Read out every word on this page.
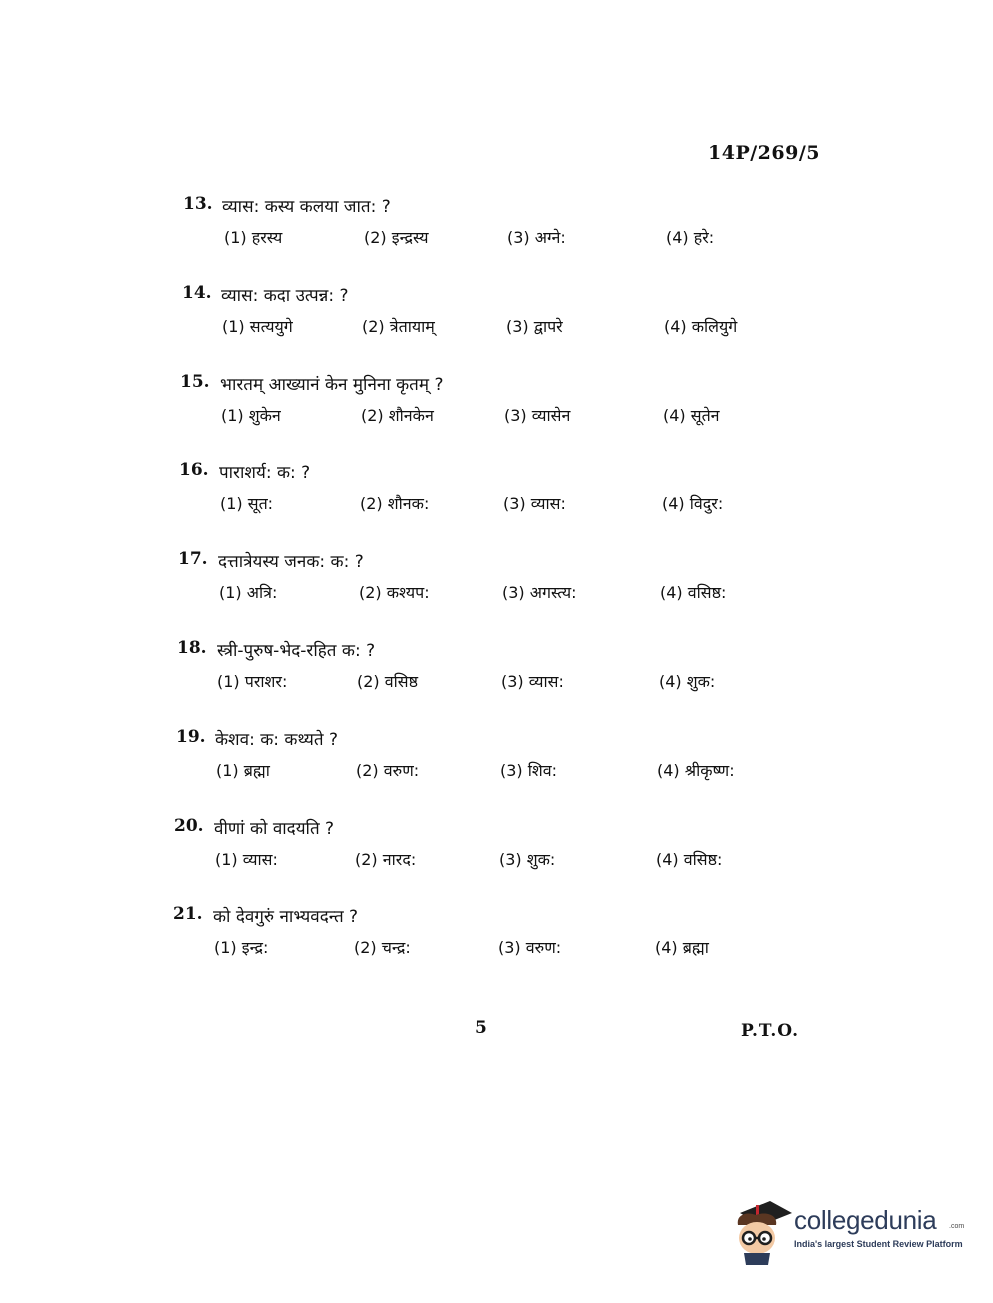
14P/269/5
13. व्यास: कस्य कलया जात: ?
(1) हरस्य	(2) इन्द्रस्य	(3) अग्ने:	(4) हरे:
14. व्यास: कदा उत्पन्न: ?
(1) सत्ययुगे	(2) त्रेतायाम्	(3) द्वापरे	(4) कलियुगे
15. भारतम् आख्यानं केन मुनिना कृतम् ?
(1) शुकेन	(2) शौनकेन	(3) व्यासेन	(4) सूतेन
16. पाराशर्य: क: ?
(1) सूत:	(2) शौनक:	(3) व्यास:	(4) विदुर:
17. दत्तात्रेयस्य जनक: क: ?
(1) अत्रि:	(2) कश्यप:	(3) अगस्त्य:	(4) वसिष्ठ:
18. स्त्री-पुरुष-भेद-रहित क: ?
(1) पराशर:	(2) वसिष्ठ	(3) व्यास:	(4) शुक:
19. केशव: क: कथ्यते ?
(1) ब्रह्मा	(2) वरुण:	(3) शिव:	(4) श्रीकृष्ण:
20. वीणां को वादयति ?
(1) व्यास:	(2) नारद:	(3) शुक:	(4) वसिष्ठ:
21. को देवगुरुं नाभ्यवदन्त ?
(1) इन्द्र:	(2) चन्द्र:	(3) वरुण:	(4) ब्रह्मा
5	P.T.O.
collegedunia .com
India's largest Student Review Platform
